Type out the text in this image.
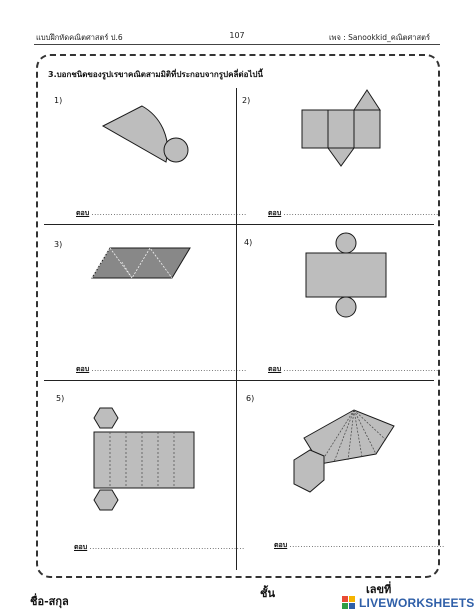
แบบฝึกหัดคณิตศาสตร์ ป.6	107	เพจ : Sanookkid_คณิตศาสตร์
3.บอกชนิดของรูปเรขาคณิตสามมิติที่ประกอบจากรูปคลี่ต่อไปนี้
1)	2)
3)	4)
5)	6)
ตอบ .........................................................	ตอบ .........................................................
ตอบ .........................................................	ตอบ .........................................................
ตอบ .........................................................	ตอบ .........................................................
ชื่อ-สกุล
ชั้น	เลขที่
LIVEWORKSHEETS
